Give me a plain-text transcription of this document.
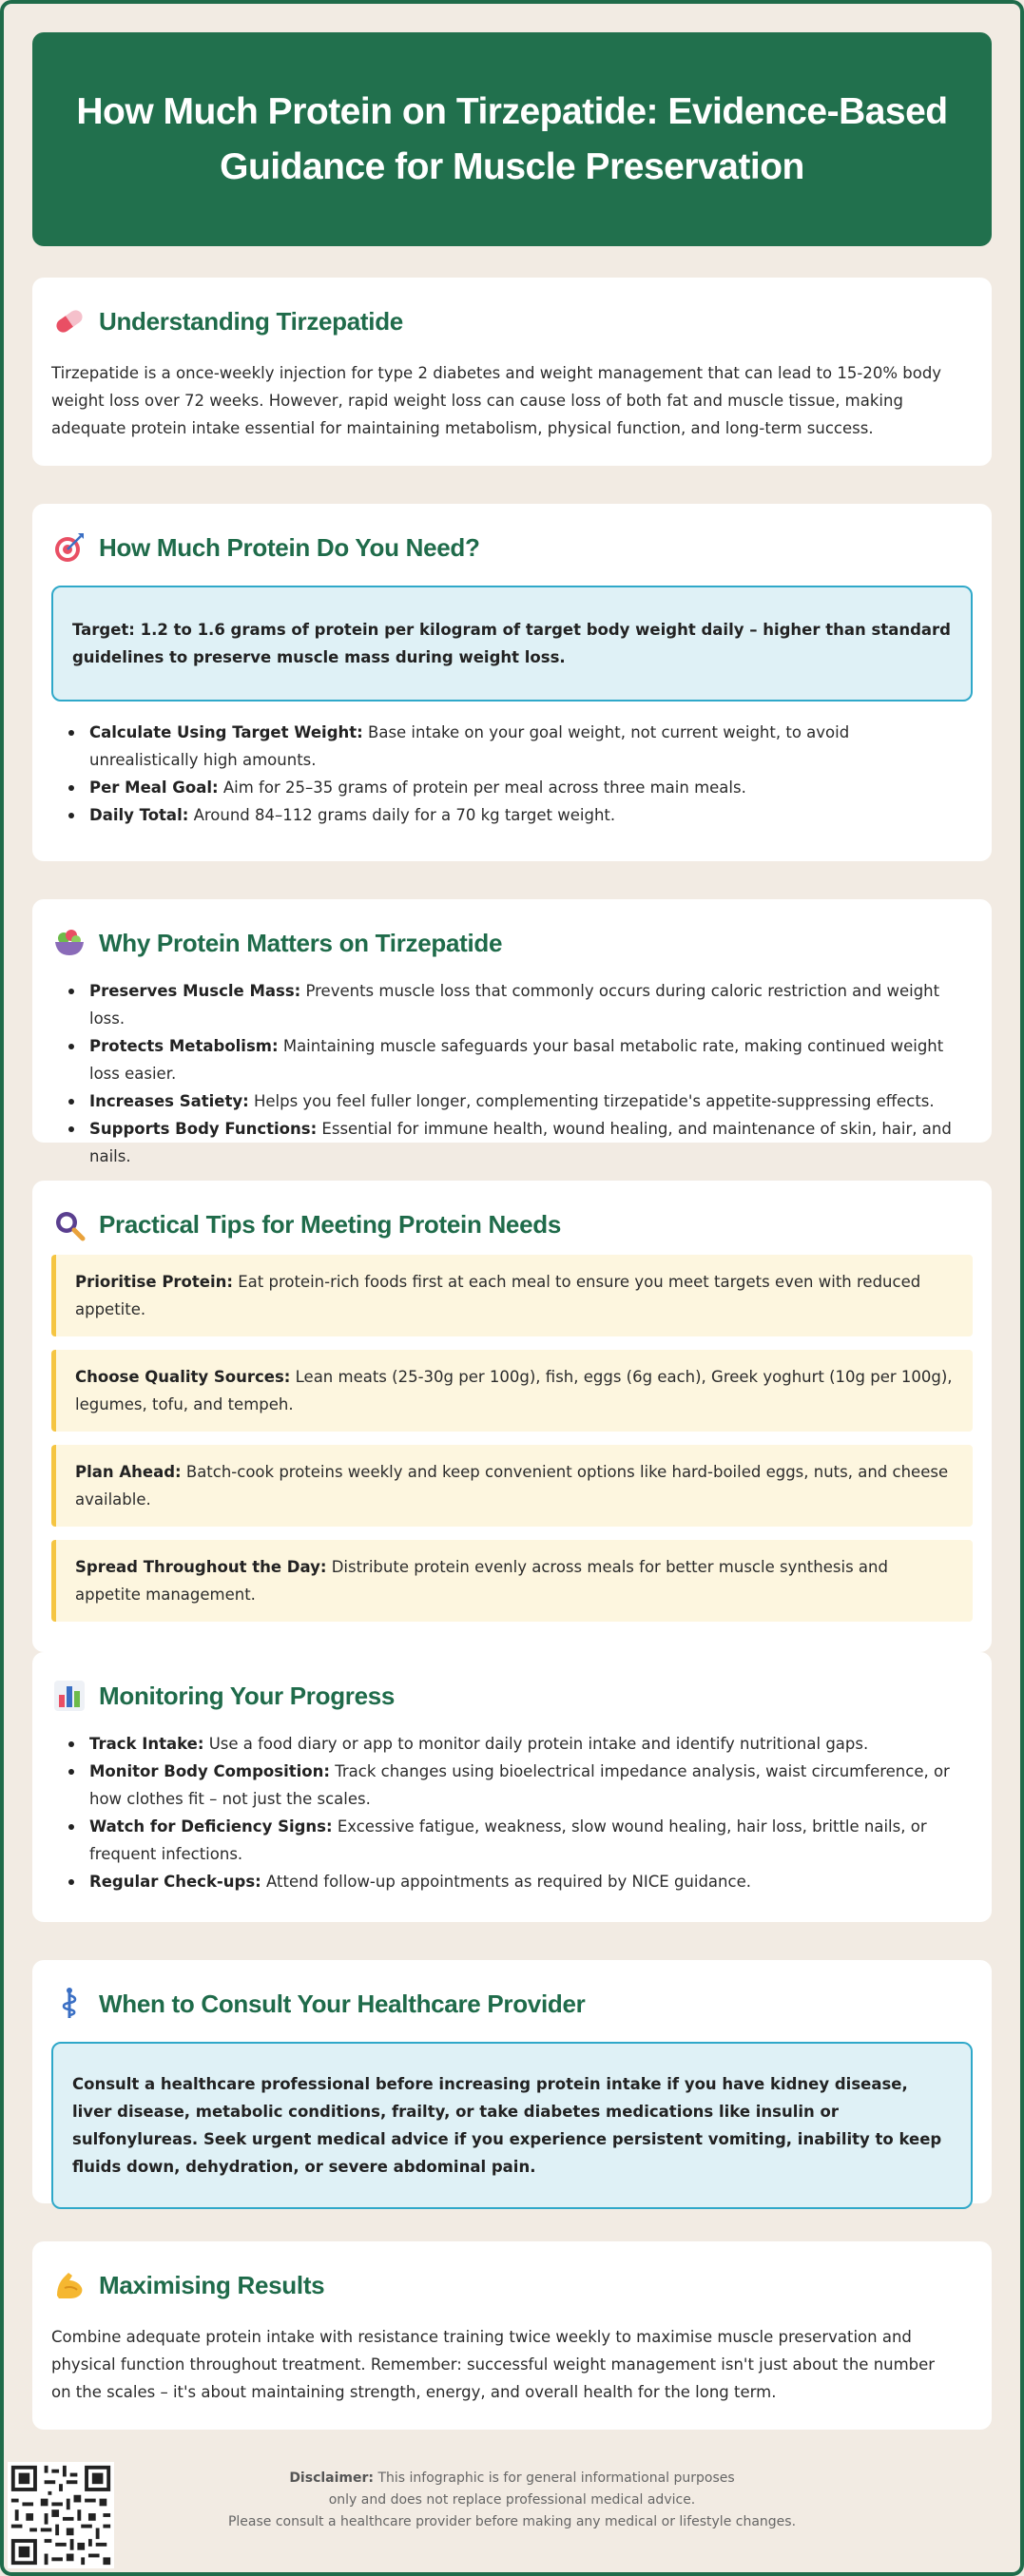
How Much Protein on Tirzepatide: Evidence-Based Guidance for Muscle Preservation
Understanding Tirzepatide

Tirzepatide is a once-weekly injection for type 2 diabetes and weight management that can lead to 15-20% body weight loss over 72 weeks. However, rapid weight loss can cause loss of both fat and muscle tissue, making adequate protein intake essential for maintaining metabolism, physical function, and long-term success.

How Much Protein Do You Need?
Target: 1.2 to 1.6 grams of protein per kilogram of target body weight daily – higher than standard guidelines to preserve muscle mass during weight loss.
Calculate Using Target Weight: Base intake on your goal weight, not current weight, to avoid unrealistically high amounts.
Per Meal Goal: Aim for 25–35 grams of protein per meal across three main meals.
Daily Total: Around 84–112 grams daily for a 70 kg target weight.
Why Protein Matters on Tirzepatide
Preserves Muscle Mass: Prevents muscle loss that commonly occurs during caloric restriction and weight loss.
Protects Metabolism: Maintaining muscle safeguards your basal metabolic rate, making continued weight loss easier.
Increases Satiety: Helps you feel fuller longer, complementing tirzepatide's appetite-suppressing effects.
Supports Body Functions: Essential for immune health, wound healing, and maintenance of skin, hair, and nails.
Practical Tips for Meeting Protein Needs
Prioritise Protein: Eat protein-rich foods first at each meal to ensure you meet targets even with reduced appetite.
Choose Quality Sources: Lean meats (25-30g per 100g), fish, eggs (6g each), Greek yoghurt (10g per 100g), legumes, tofu, and tempeh.
Plan Ahead: Batch-cook proteins weekly and keep convenient options like hard-boiled eggs, nuts, and cheese available.
Spread Throughout the Day: Distribute protein evenly across meals for better muscle synthesis and appetite management.
Monitoring Your Progress
Track Intake: Use a food diary or app to monitor daily protein intake and identify nutritional gaps.
Monitor Body Composition: Track changes using bioelectrical impedance analysis, waist circumference, or how clothes fit – not just the scales.
Watch for Deficiency Signs: Excessive fatigue, weakness, slow wound healing, hair loss, brittle nails, or frequent infections.
Regular Check-ups: Attend follow-up appointments as required by NICE guidance.
When to Consult Your Healthcare Provider
Consult a healthcare professional before increasing protein intake if you have kidney disease, liver disease, metabolic conditions, frailty, or take diabetes medications like insulin or sulfonylureas. Seek urgent medical advice if you experience persistent vomiting, inability to keep fluids down, dehydration, or severe abdominal pain.
Maximising Results

Combine adequate protein intake with resistance training twice weekly to maximise muscle preservation and physical function throughout treatment. Remember: successful weight management isn't just about the number on the scales – it's about maintaining strength, energy, and overall health for the long term.

Disclaimer: This infographic is for general informational purposes
only and does not replace professional medical advice.
Please consult a healthcare provider before making any medical or lifestyle changes.
